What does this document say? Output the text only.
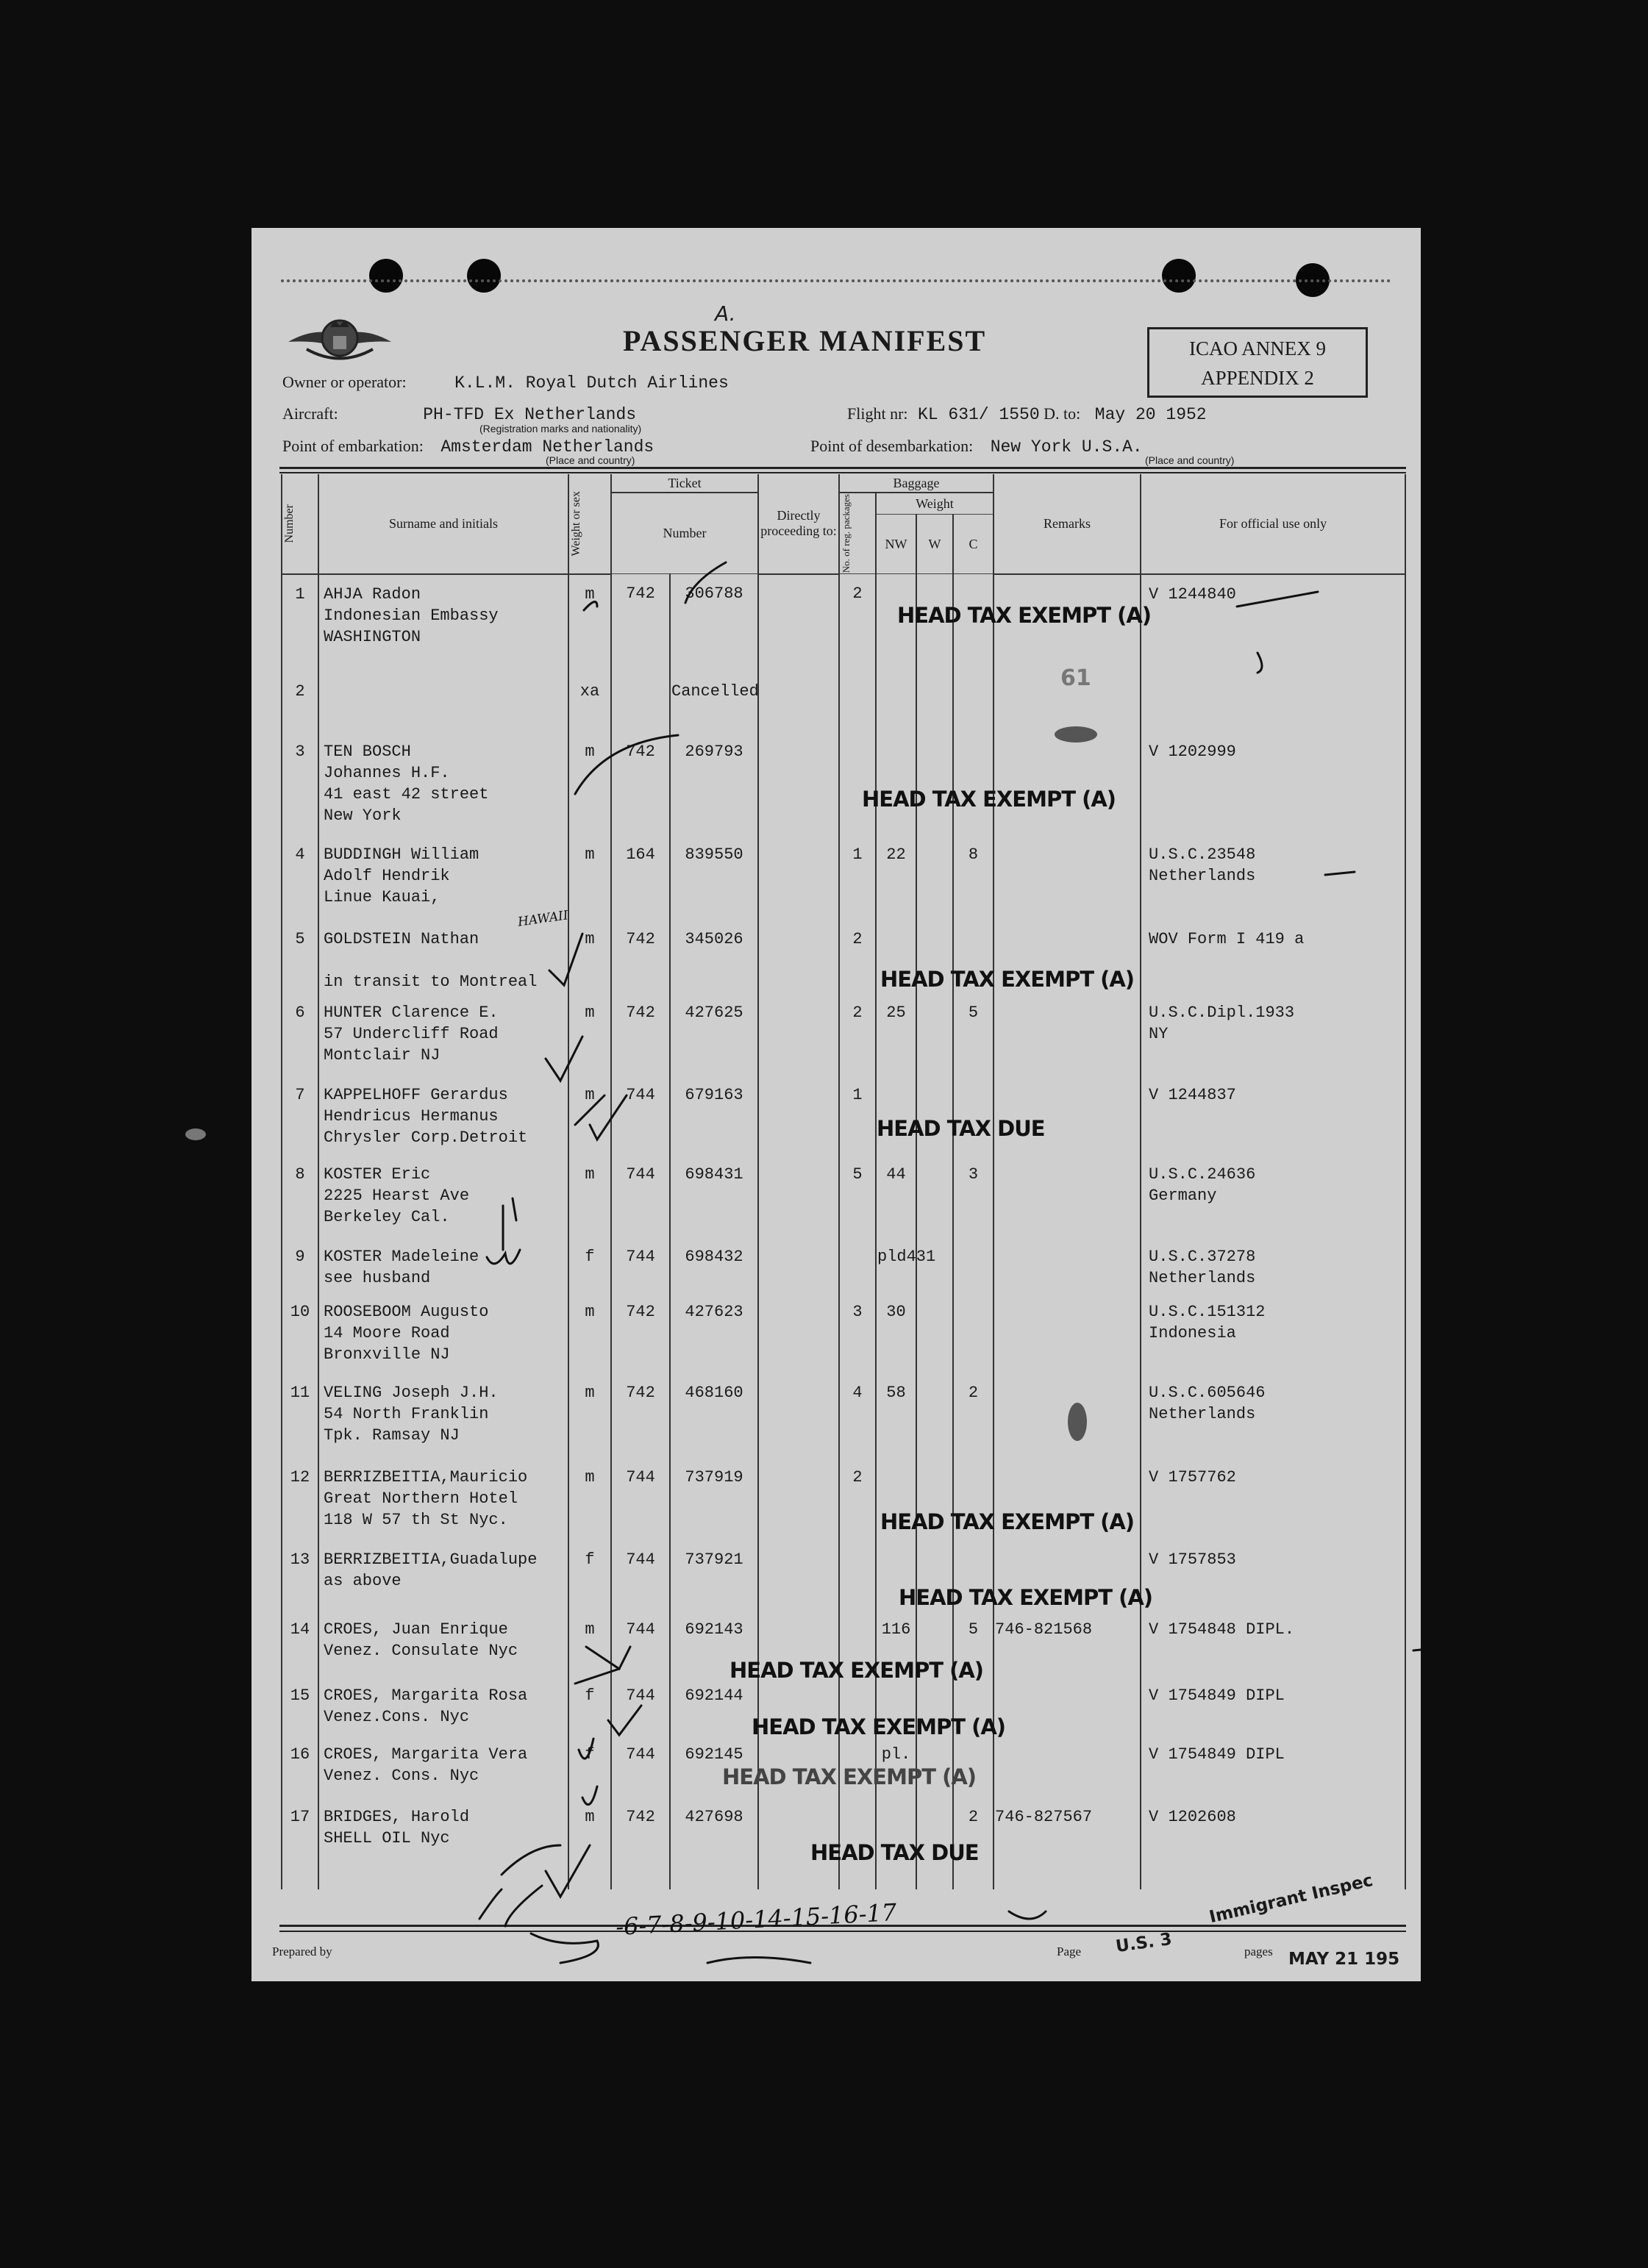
A.
PASSENGER MANIFEST	ICAO ANNEX 9
APPENDIX 2
Owner or operator:	K.L.M. Royal Dutch Airlines
Aircraft:	PH-TFD Ex Netherlands
(Registration marks and nationality)
Flight nr: KL 631/ 1550 D. to: May 20 1952
Point of embarkation: Amsterdam Netherlands
(Place and country)
Point of desembarkation: New York U.S.A.
(Place and country)
Number	Surname and initials	Weight or sex	Ticket		Directly proceeding to:	Baggage				Remarks	For official use only
			Number			No. of reg. packages	Weight				
							NW	W	C		
1	AHJA Radon
Indonesian Embassy
WASHINGTON	m	742	306788		2					V 1244840
2		xa		Cancelled							
3	TEN BOSCH
Johannes H.F.
41 east 42 street
New York	m	742	269793							V 1202999
4	BUDDINGH William
Adolf Hendrik
Linue Kauai,	m	164	839550		1	22		8		U.S.C.23548
Netherlands
5	GOLDSTEIN Nathan

in transit to Montreal	m	742	345026		2					WOV Form I 419 a
6	HUNTER Clarence E.
57 Undercliff Road
Montclair NJ	m	742	427625		2	25		5		U.S.C.Dipl.1933
NY
7	KAPPELHOFF Gerardus
Hendricus Hermanus
Chrysler Corp.Detroit	m	744	679163		1					V 1244837
8	KOSTER Eric
2225 Hearst Ave
Berkeley Cal.	m	744	698431		5	44		3		U.S.C.24636
Germany
9	KOSTER Madeleine
see husband	f	744	698432			pld431				U.S.C.37278
Netherlands
10	ROOSEBOOM Augusto
14 Moore Road
Bronxville NJ	m	742	427623		3	30				U.S.C.151312
Indonesia
11	VELING Joseph J.H.
54 North Franklin
Tpk. Ramsay NJ	m	742	468160		4	58		2		U.S.C.605646
Netherlands
12	BERRIZBEITIA,Mauricio
Great Northern Hotel
118 W 57 th St Nyc.	m	744	737919		2					V 1757762
13	BERRIZBEITIA,Guadalupe
as above	f	744	737921							V 1757853
14	CROES, Juan Enrique
Venez. Consulate Nyc	m	744	692143			116		5	746-821568	V 1754848 DIPL.
15	CROES, Margarita Rosa
Venez.Cons. Nyc	f	744	692144							V 1754849 DIPL
16	CROES, Margarita Vera
Venez. Cons. Nyc	f	744	692145			pl.				V 1754849 DIPL
17	BRIDGES, Harold
SHELL OIL Nyc	m	742	427698					2	746-827567	V 1202608
61
HEAD TAX EXEMPT (A)
HEAD TAX EXEMPT (A)
HEAD TAX EXEMPT (A)
HEAD TAX DUE
HEAD TAX EXEMPT (A)
HEAD TAX EXEMPT (A)
HEAD TAX EXEMPT (A)
HEAD TAX EXEMPT (A)
HEAD TAX EXEMPT (A)
HEAD TAX DUE
Prepared by	Page	pages
U.S. 3
Immigrant Inspec
MAY 21 195
-6-7-8-9-10-14-15-16-17
HAWAII
